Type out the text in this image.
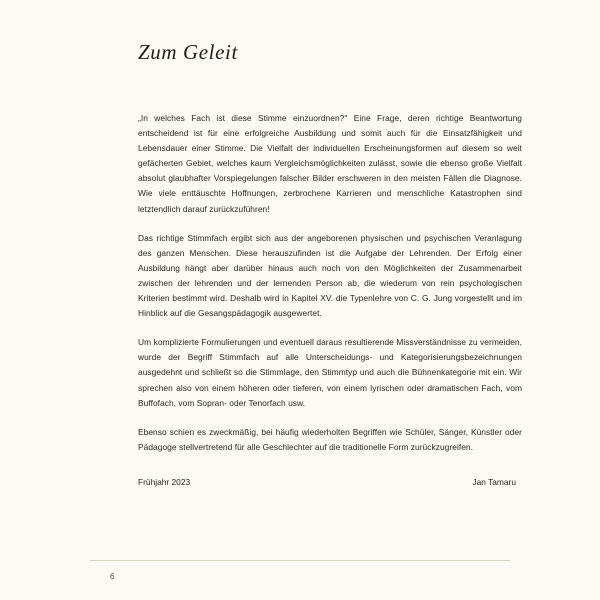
Zum Geleit

„In welches Fach ist diese Stimme einzuordnen?" Eine Frage, deren richtige Beantwortung entscheidend ist für eine erfolgreiche Ausbildung und somit auch für die Einsatzfähigkeit und Lebensdauer einer Stimme. Die Vielfalt der individuellen Erscheinungsformen auf diesem so weit gefächerten Gebiet, welches kaum Vergleichsmöglichkeiten zulässt, sowie die ebenso große Vielfalt absolut glaubhafter Vorspiegelungen falscher Bilder erschweren in den meisten Fällen die Diagnose. Wie viele enttäuschte Hoffnungen, zerbrochene Karrieren und menschliche Katastrophen sind letztendlich darauf zurückzuführen!

Das richtige Stimmfach ergibt sich aus der angeborenen physischen und psychischen Veranlagung des ganzen Menschen. Diese herauszufinden ist die Aufgabe der Lehrenden. Der Erfolg einer Ausbildung hängt aber darüber hinaus auch noch von den Möglichkeiten der Zusammenarbeit zwischen der lehrenden und der lernenden Person ab, die wiederum von rein psychologischen Kriterien bestimmt wird. Deshalb wird in Kapitel XV. die Typenlehre von C. G. Jung vorgestellt und im Hinblick auf die Gesangspädagogik ausgewertet.

Um komplizierte Formulierungen und eventuell daraus resultierende Missverständnisse zu vermeiden, wurde der Begriff Stimmfach auf alle Unterscheidungs- und Kategorisierungsbezeichnungen ausgedehnt und schließt so die Stimmlage, den Stimmtyp und auch die Bühnenkategorie mit ein. Wir sprechen also von einem höheren oder tieferen, von einem lyrischen oder dramatischen Fach, vom Buffofach, vom Sopran- oder Tenorfach usw.

Ebenso schien es zweckmäßig, bei häufig wiederholten Begriffen wie Schüler, Sänger, Künstler oder Pädagoge stellvertretend für alle Geschlechter auf die traditionelle Form zurückzugreifen.

Frühjahr 2023	Jan Tamaru
6
